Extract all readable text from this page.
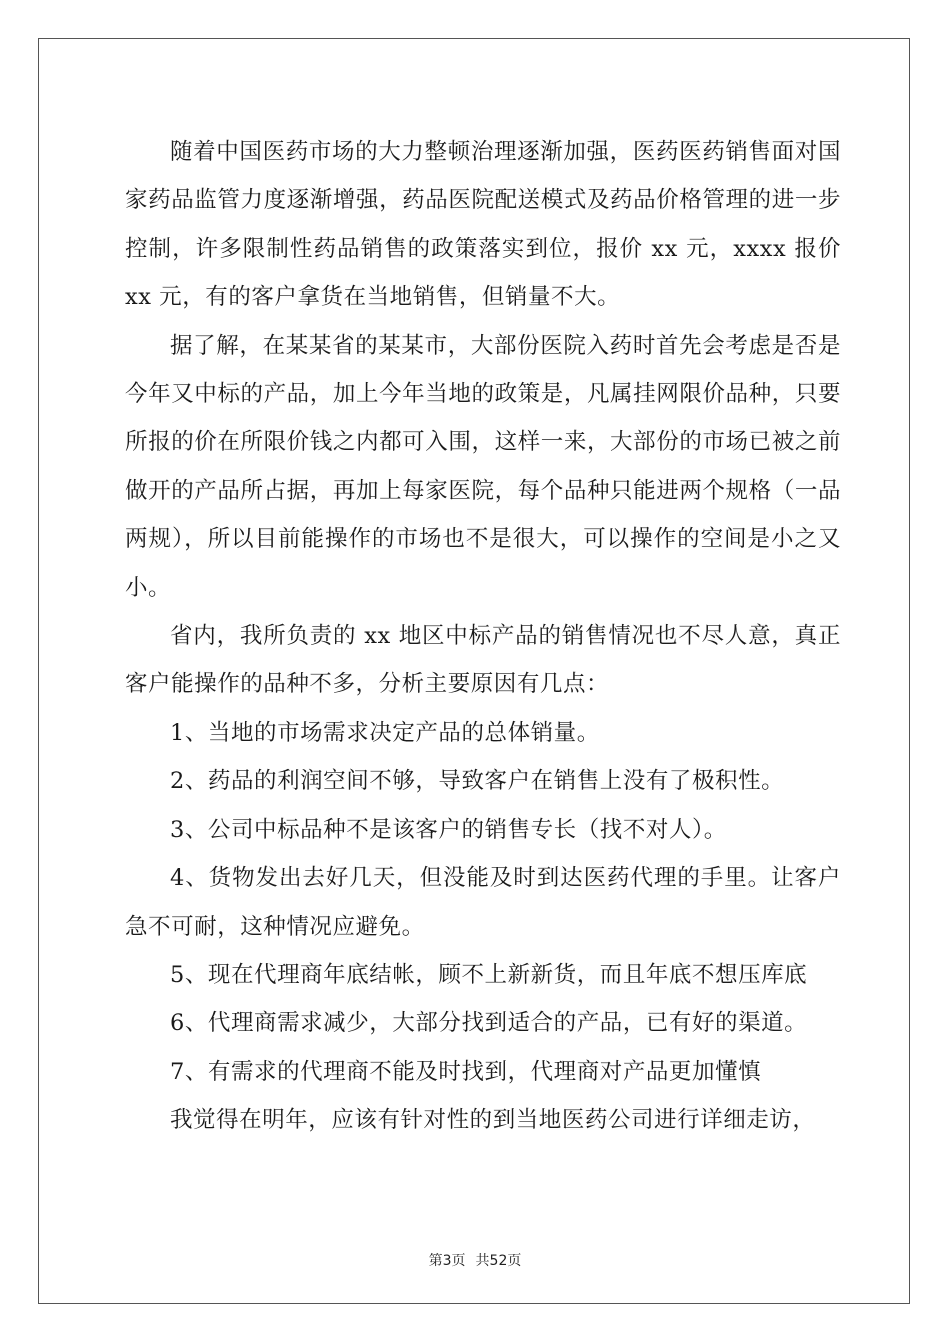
随着中国医药市场的大力整顿治理逐渐加强，医药医药销售面对国家药品监管力度逐渐增强，药品医院配送模式及药品价格管理的进一步控制，许多限制性药品销售的政策落实到位，报价 xx 元，xxxx 报价 xx 元，有的客户拿货在当地销售，但销量不大。

据了解，在某某省的某某市，大部份医院入药时首先会考虑是否是今年又中标的产品，加上今年当地的政策是，凡属挂网限价品种，只要所报的价在所限价钱之内都可入围，这样一来，大部份的市场已被之前做开的产品所占据，再加上每家医院，每个品种只能进两个规格（一品两规），所以目前能操作的市场也不是很大，可以操作的空间是小之又小。

省内，我所负责的 xx 地区中标产品的销售情况也不尽人意，真正客户能操作的品种不多，分析主要原因有几点：

1、当地的市场需求决定产品的总体销量。

2、药品的利润空间不够，导致客户在销售上没有了极积性。

3、公司中标品种不是该客户的销售专长（找不对人）。

4、货物发出去好几天，但没能及时到达医药代理的手里。让客户急不可耐，这种情况应避免。

5、现在代理商年底结帐，顾不上新新货，而且年底不想压库底

6、代理商需求减少，大部分找到适合的产品，已有好的渠道。

7、有需求的代理商不能及时找到，代理商对产品更加懂慎

我觉得在明年，应该有针对性的到当地医药公司进行详细走访，

第3页 共52页
